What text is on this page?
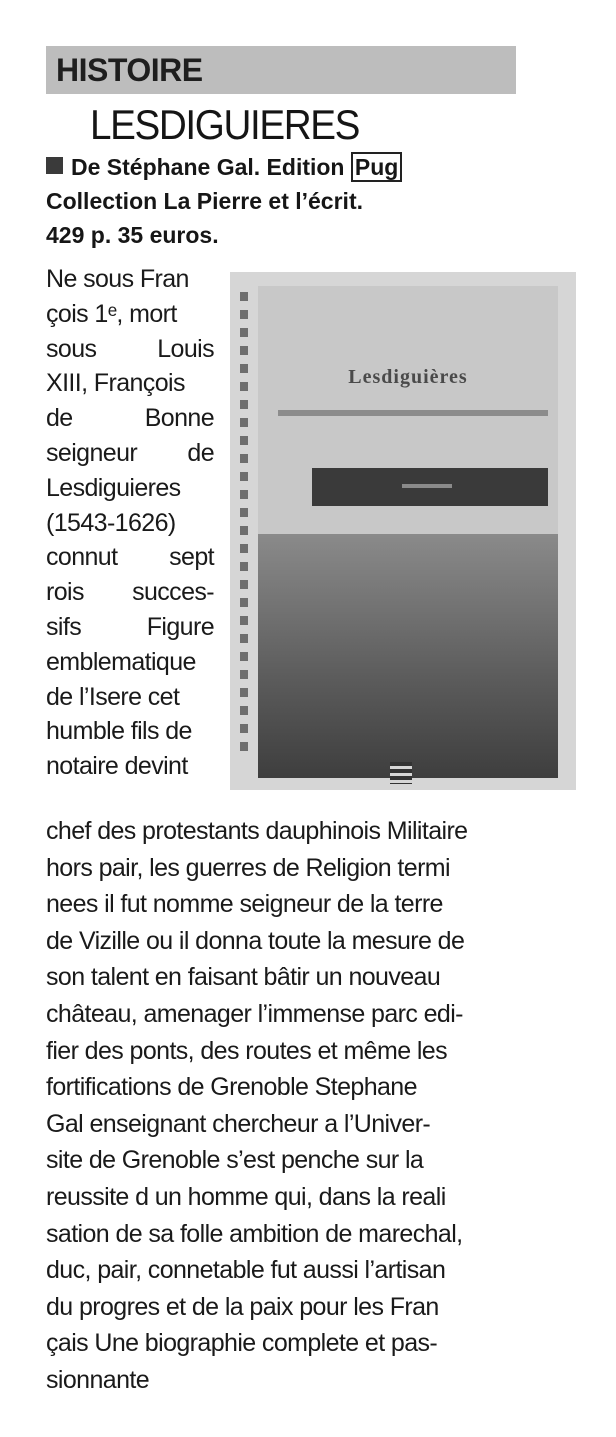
HISTOIRE
LESDIGUIERES
De Stéphane Gal. Edition Pug
Collection La Pierre et l’écrit.
429 p. 35 euros.
Ne sous Fran
çois 1ᵉ, mort
sous Louis
XIII, François
de	Bonne
seigneur de
Lesdiguieres
(1543-1626)
connut sept
rois succes-
sifs	Figure
emblematique
de l’Isere cet
humble fils de
notaire devint
Lesdiguières
chef des protestants dauphinois Militaire
hors pair, les guerres de Religion termi
nees il fut nomme seigneur de la terre
de Vizille ou il donna toute la mesure de
son talent en faisant bâtir un nouveau
château, amenager l’immense parc edi-
fier des ponts, des routes et même les
fortifications de Grenoble Stephane
Gal enseignant chercheur a l’Univer-
site de Grenoble s’est penche sur la
reussite d un homme qui, dans la reali
sation de sa folle ambition de marechal,
duc, pair, connetable fut aussi l’artisan
du progres et de la paix pour les Fran
çais Une biographie complete et pas-
sionnante
